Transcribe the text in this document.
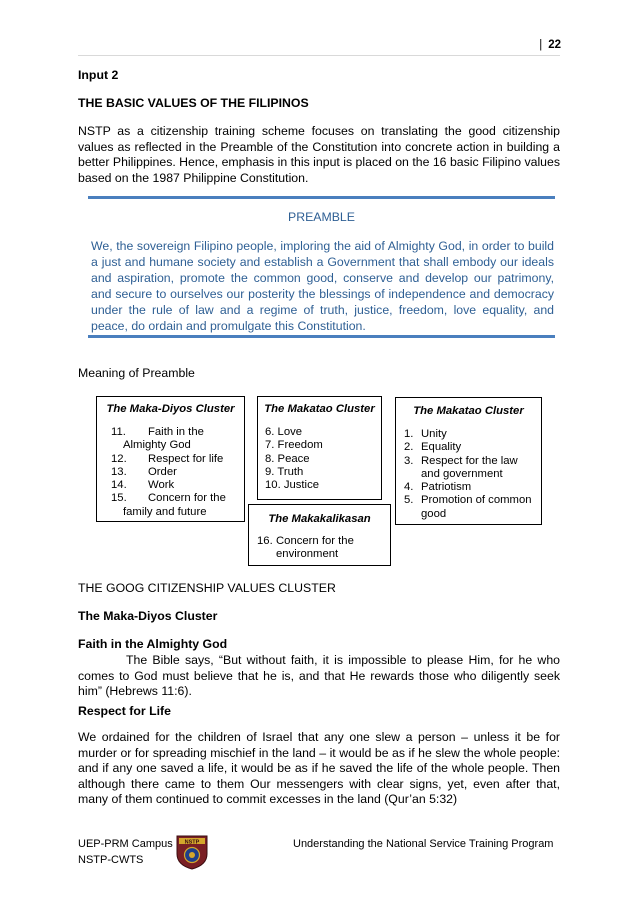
| 22
Input 2
THE BASIC VALUES OF THE FILIPINOS
NSTP as a citizenship training scheme focuses on translating the good citizenship values as reflected in the Preamble of the Constitution into concrete action in building a better Philippines. Hence, emphasis in this input is placed on the 16 basic Filipino values based on the 1987 Philippine Constitution.
PREAMBLE
We, the sovereign Filipino people, imploring the aid of Almighty God, in order to build a just and humane society and establish a Government that shall embody our ideals and aspiration, promote the common good, conserve and develop our patrimony, and secure to ourselves our posterity the blessings of independence and democracy under the rule of law and a regime of truth, justice, freedom, love equality, and peace, do ordain and promulgate this Constitution.
Meaning of Preamble
The Maka-Diyos Cluster
11. Faith in the
Almighty God
12. Respect for life
13. Order
14. Work
15. Concern for the
family and future
The Makatao Cluster
6. Love
7. Freedom
8. Peace
9. Truth
10. Justice
The Makakalikasan
16. Concern for the
environment
The Makatao Cluster
1. Unity
2. Equality
3. Respect for the law
and government
4. Patriotism
5. Promotion of common
good
THE GOOG CITIZENSHIP VALUES CLUSTER
The Maka-Diyos Cluster
Faith in the Almighty God
The Bible says, “But without faith, it is impossible to please Him, for he who comes to God must believe that he is, and that He rewards those who diligently seek him” (Hebrews 11:6).
Respect for Life
We ordained for the children of Israel that any one slew a person – unless it be for murder or for spreading mischief in the land – it would be as if he slew the whole people: and if any one saved a life, it would be as if he saved the life of the whole people. Then although there came to them Our messengers with clear signs, yet, even after that, many of them continued to commit excesses in the land (Qur’an 5:32)
UEP-PRM Campus
NSTP-CWTS
NSTP	Understanding the National Service Training Program
